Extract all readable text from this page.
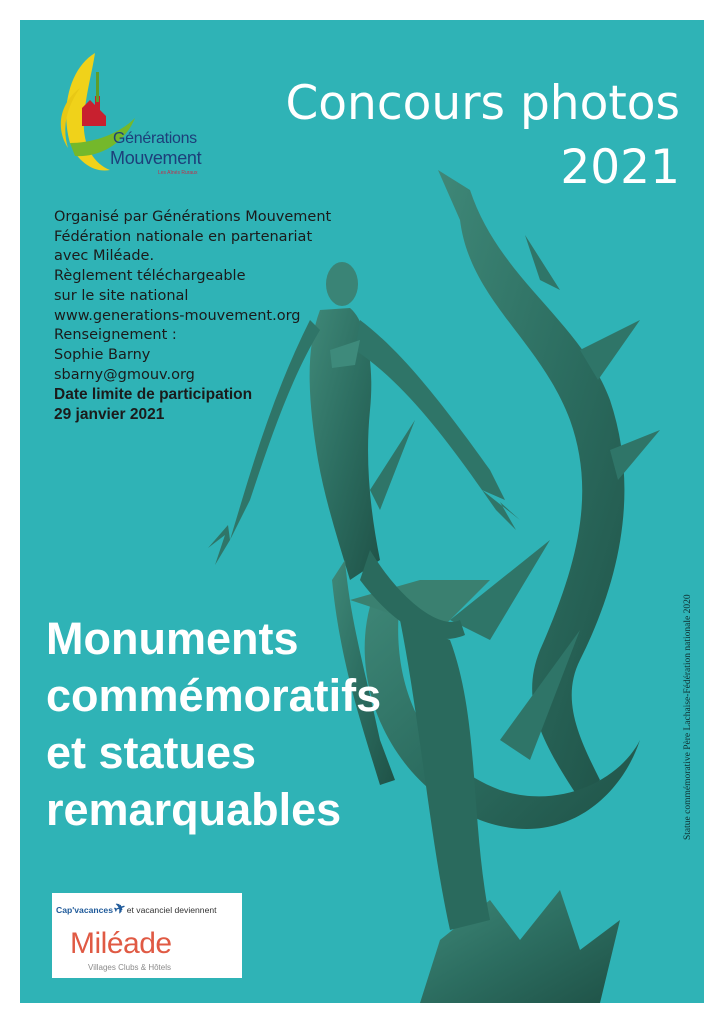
Générations
Mouvement
Les Aînés Ruraux
Concours photos
2021
Organisé par Générations Mouvement
Fédération nationale en partenariat
avec Miléade.
Règlement téléchargeable
sur le site national
www.generations-mouvement.org
Renseignement :
Sophie Barny
sbarny@gmouv.org
Date limite de participation
29 janvier 2021
Monuments
commémoratifs
et statues
remarquables	Statue commémorative Père Lachaise-Fédération nationale 2020
Cap'vacances✈et vacanciel deviennent
Miléade
Villages Clubs & Hôtels
